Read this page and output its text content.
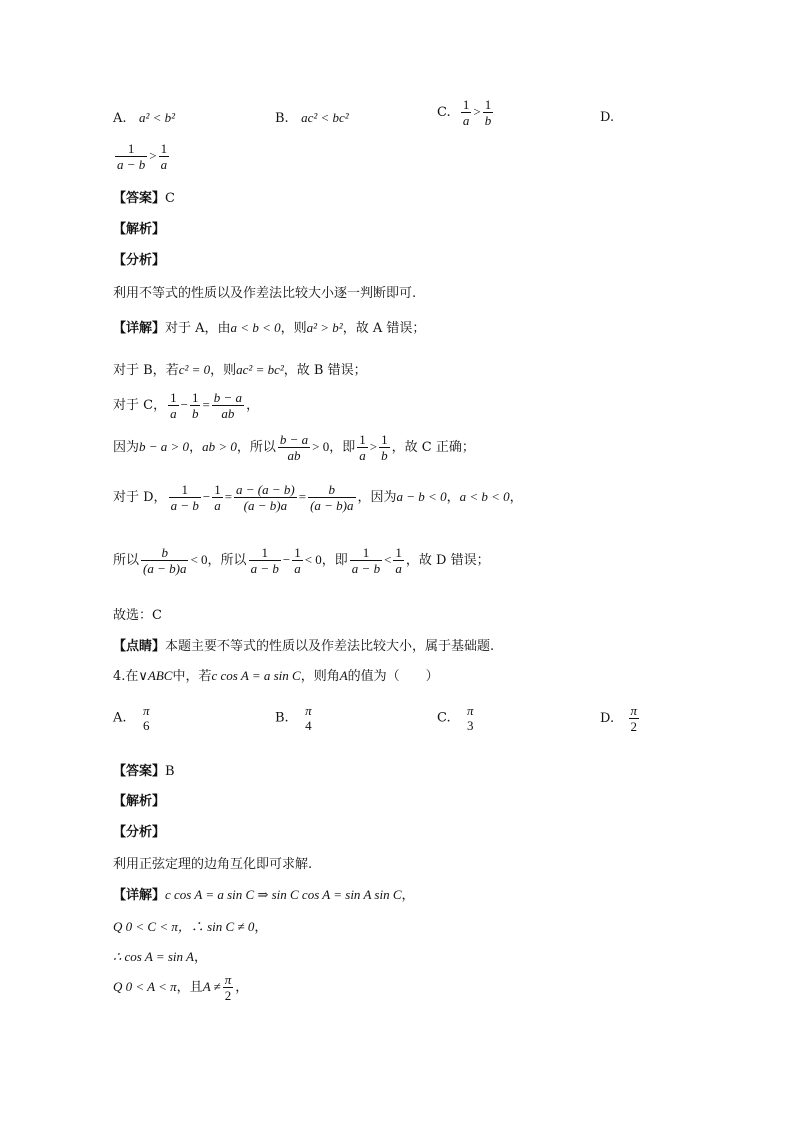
A. a² < b²	B. ac² < bc²	C. $\frac{1}{a} > \frac{1}{b}$	D.
$\frac{1}{a - b} > \frac{1}{a}$
【答案】C
【解析】
【分析】
利用不等式的性质以及作差法比较大小逐一判断即可.
【详解】对于 A，由a < b < 0，则a² > b²，故 A 错误；
对于 B，若c² = 0，则ac² = bc²，故 B 错误；
对于 C， $\frac{1}{a} - \frac{1}{b} = \frac{b - a}{ab}$ ，
因为b − a > 0，ab > 0，所以 $\frac{b - a}{ab} > 0$，即 $\frac{1}{a} > \frac{1}{b}$ ，故 C 正确；
对于 D， $\frac{1}{a - b} - \frac{1}{a} = \frac{a - (a - b)}{(a - b)a} = \frac{b}{(a - b)a}$ ，因为a − b < 0，a < b < 0，
所以 $\frac{b}{(a - b)a} < 0$，所以 $\frac{1}{a - b} - \frac{1}{a} < 0$，即 $\frac{1}{a - b} < \frac{1}{a}$ ，故 D 错误；
故选：C
【点睛】本题主要不等式的性质以及作差法比较大小，属于基础题.
4.在∨ABC中，若c cos A = a sin C，则角A的值为（　　）
A. π
6	B. π
4	C. π
3	D. $\frac{\pi}{2}$
【答案】B
【解析】
【分析】
利用正弦定理的边角互化即可求解.
【详解】c cos A = a sin C ⇒ sin C cos A = sin A sin C，
Q 0 < C < π，∴ sin C ≠ 0，
∴ cos A = sin A，
Q 0 < A < π，且$A \ne \frac{\pi}{2}$ ，
